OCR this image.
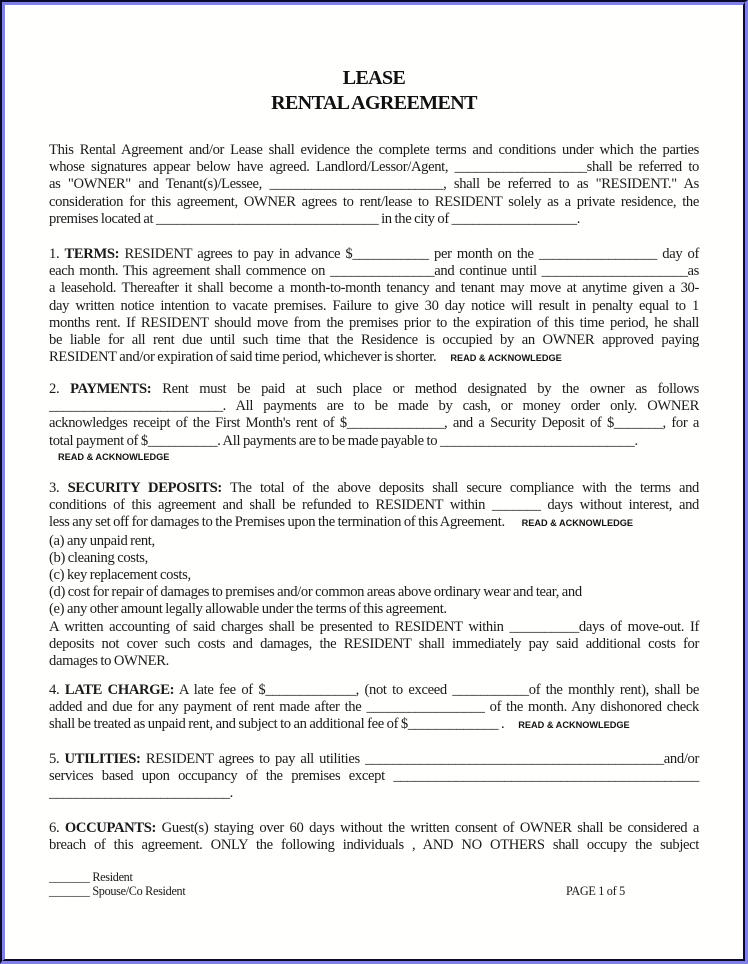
LEASE
RENTAL AGREEMENT
This Rental Agreement and/or Lease shall evidence the complete terms and conditions under which the parties
whose signatures appear below have agreed. Landlord/Lessor/Agent, ___________________shall be referred to
as "OWNER" and Tenant(s)/Lessee, _________________________, shall be referred to as "RESIDENT." As
consideration for this agreement, OWNER agrees to rent/lease to RESIDENT solely as a private residence, the
premises located at ________________________________ in the city of __________________.
1. TERMS: RESIDENT agrees to pay in advance $___________ per month on the _________________ day of
each month. This agreement shall commence on _______________and continue until _____________________as
a leasehold. Thereafter it shall become a month-to-month tenancy and tenant may move at anytime given a 30-
day written notice intention to vacate premises. Failure to give 30 day notice will result in penalty equal to 1
months rent. If RESIDENT should move from the premises prior to the expiration of this time period, he shall
be liable for all rent due until such time that the Residence is occupied by an OWNER approved paying
RESIDENT and/or expiration of said time period, whichever is shorter. READ & ACKNOWLEDGE
2. PAYMENTS: Rent must be paid at such place or method designated by the owner as follows
_________________________. All payments are to be made by cash, or money order only. OWNER
acknowledges receipt of the First Month's rent of $______________, and a Security Deposit of $_______, for a
total payment of $__________. All payments are to be made payable to ____________________________.
READ & ACKNOWLEDGE
3. SECURITY DEPOSITS: The total of the above deposits shall secure compliance with the terms and
conditions of this agreement and shall be refunded to RESIDENT within _______ days without interest, and
less any set off for damages to the Premises upon the termination of this Agreement. READ & ACKNOWLEDGE
(a) any unpaid rent,
(b) cleaning costs,
(c) key replacement costs,
(d) cost for repair of damages to premises and/or common areas above ordinary wear and tear, and
(e) any other amount legally allowable under the terms of this agreement.
A written accounting of said charges shall be presented to RESIDENT within __________days of move-out. If
deposits not cover such costs and damages, the RESIDENT shall immediately pay said additional costs for
damages to OWNER.
4. LATE CHARGE: A late fee of $_____________, (not to exceed ___________of the monthly rent), shall be
added and due for any payment of rent made after the _________________ of the month. Any dishonored check
shall be treated as unpaid rent, and subject to an additional fee of $_____________ . READ & ACKNOWLEDGE
5. UTILITIES: RESIDENT agrees to pay all utilities ___________________________________________and/or
services based upon occupancy of the premises except ____________________________________________
__________________________.
6. OCCUPANTS: Guest(s) staying over 60 days without the written consent of OWNER shall be considered a
breach of this agreement. ONLY the following individuals , AND NO OTHERS shall occupy the subject
_______ Resident
_______ Spouse/Co Resident	PAGE 1 of 5
